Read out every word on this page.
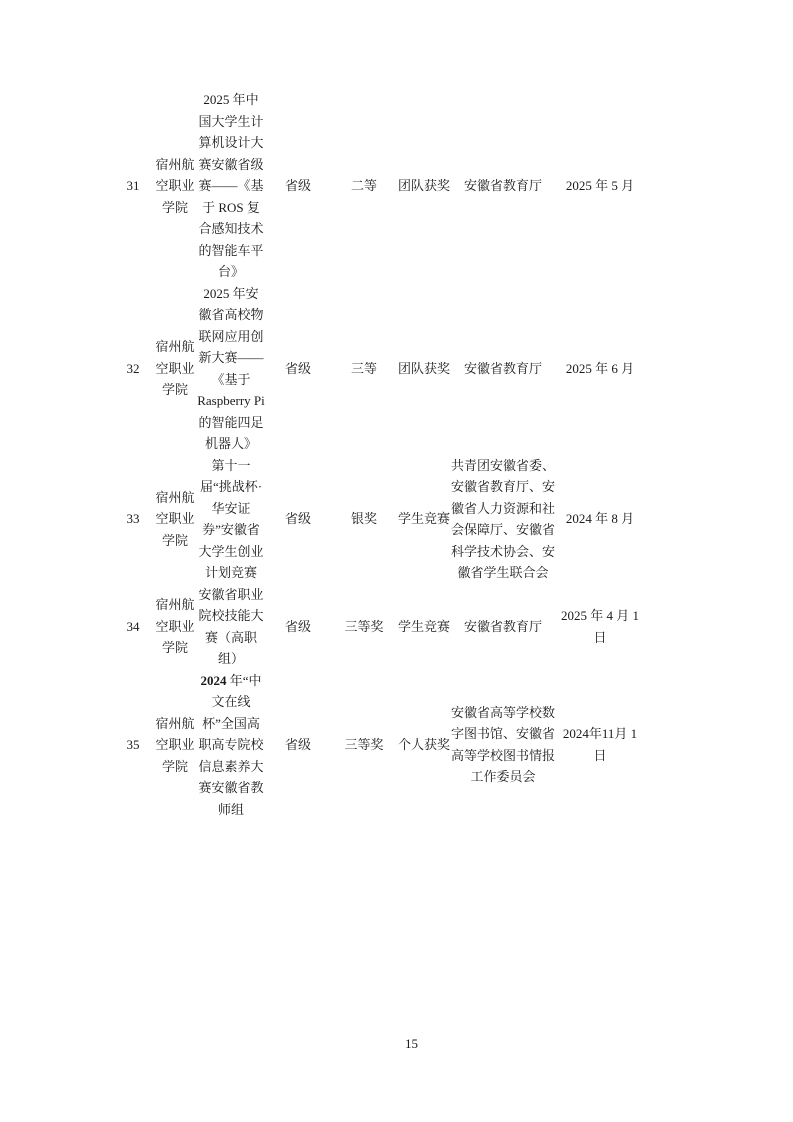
31	宿州航空职业学院	2025 年中国大学生计算机设计大赛安徽省级赛——《基于 ROS 复合感知技术的智能车平台》	省级	二等	团队获奖	安徽省教育厅	2025 年 5 月
32	宿州航空职业学院	2025 年安徽省高校物联网应用创新大赛——《基于 Raspberry Pi 的智能四足机器人》	省级	三等	团队获奖	安徽省教育厅	2025 年 6 月
33	宿州航空职业学院	第十一届“挑战杯·华安证券”安徽省大学生创业计划竞赛	省级	银奖	学生竞赛	共青团安徽省委、安徽省教育厅、安徽省人力资源和社会保障厅、安徽省科学技术协会、安徽省学生联合会	2024 年 8 月
34	宿州航空职业学院	安徽省职业院校技能大赛（高职组）	省级	三等奖	学生竞赛	安徽省教育厅	2025 年 4 月 1 日
35	宿州航空职业学院	2024 年“中文在线杯”全国高职高专院校信息素养大赛安徽省教师组	省级	三等奖	个人获奖	安徽省高等学校数字图书馆、安徽省高等学校图书情报工作委员会	2024年11月 1 日
15
